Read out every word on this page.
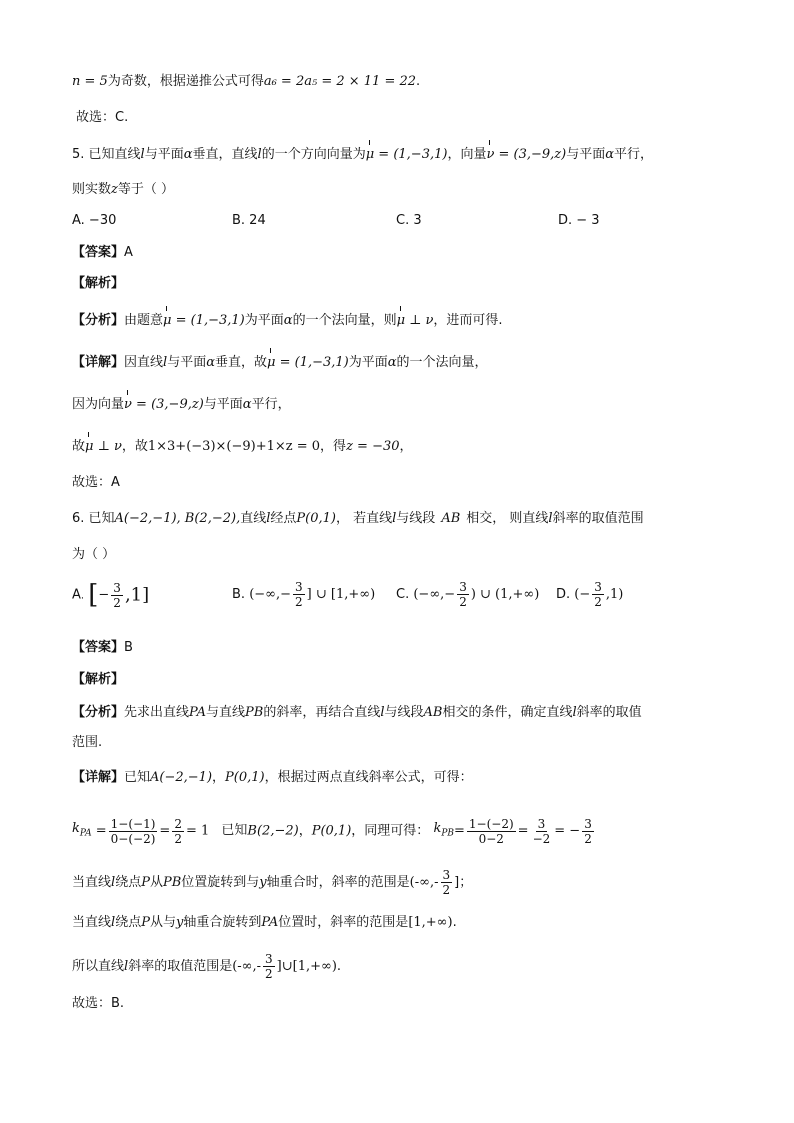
n = 5为奇数，根据递推公式可得a₆ = 2a₅ = 2 × 11 = 22.
故选：C.
5. 已知直线l与平面α垂直，直线l的一个方向向量为μ = (1,−3,1)，向量ν = (3,−9,z)与平面α平行，
则实数z等于（ ）
A. −30	B. 24	C. 3	D. − 3
【答案】A
【解析】
【分析】由题意μ = (1,−3,1)为平面α的一个法向量，则μ ⊥ ν，进而可得.
【详解】因直线l与平面α垂直，故μ = (1,−3,1)为平面α的一个法向量，
因为向量ν = (3,−9,z)与平面α平行，
故μ ⊥ ν，故1×3+(−3)×(−9)+1×z = 0，得z = −30，
故选：A
6. 已知A(−2,−1), B(2,−2),直线l经点P(0,1)， 若直线l与线段 AB 相交， 则直线l斜率的取值范围
为（ ）
A. [− $\frac{3}{2} ,1$]	B. (−∞,− $\frac{3}{2}$ ] ∪ [1,+∞) C. (−∞,− $\frac{3}{2}$ ) ∪ (1,+∞) D. (− $\frac{3}{2} ,1$)
【答案】B
【解析】
【分析】先求出直线PA与直线PB的斜率，再结合直线l与线段AB相交的条件，确定直线l斜率的取值
范围.
【详解】已知A(−2,−1)，P(0,1)，根据过两点直线斜率公式，可得：
$k_{PA} = \frac{1-(-1)}{0-(-2)} = \frac{2}{2} = 1$ 已知B(2,−2)，P(0,1)，同理可得： $k_{PB}= \frac{1-(-2)}{0-2} = \frac{3}{-2}$ = − $\frac{3}{2}$
当直线l绕点P从PB位置旋转到与y轴重合时，斜率的范围是(-∞,- $\frac{3}{2}$ ]；
当直线l绕点P从与y轴重合旋转到PA位置时，斜率的范围是[1,+∞).
所以直线l斜率的取值范围是(-∞,- $\frac{3}{2}$ ]∪[1,+∞).
故选：B.
